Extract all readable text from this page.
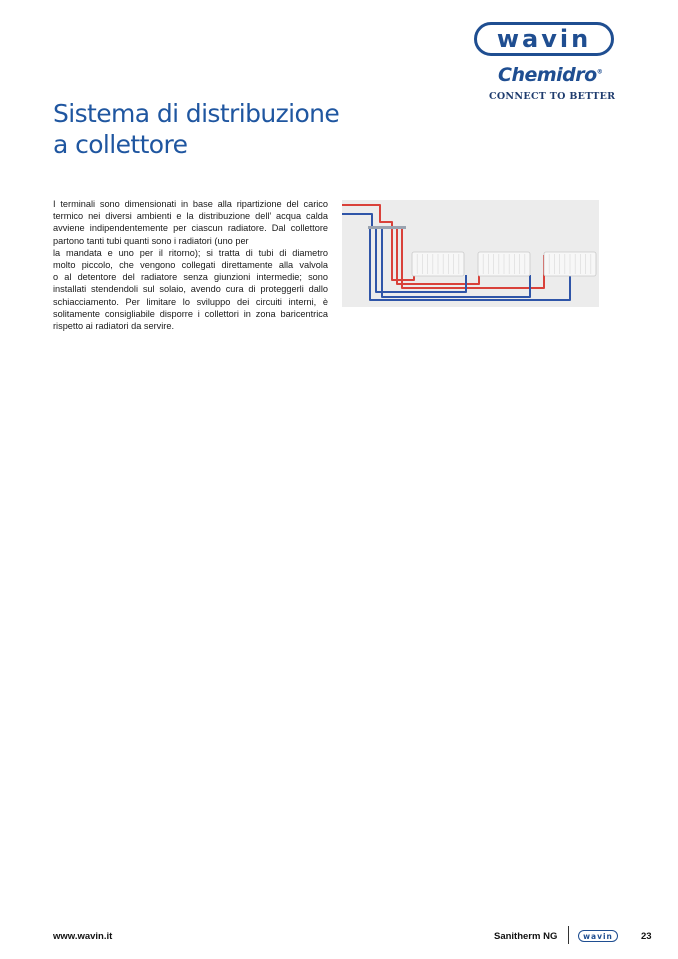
wavin
Chemidro®
CONNECT TO BETTER
Sistema di distribuzione
a collettore
I terminali sono dimensionati in base alla ripartizione del carico
termico nei diversi ambienti e la distribuzione dell’ acqua calda
avviene indipendentemente per ciascun radiatore. Dal collettore
partono tanti tubi quanti sono i radiatori (uno per
la mandata e uno per il ritorno); si tratta di tubi di diametro
molto piccolo, che vengono collegati direttamente alla valvola
o al detentore del radiatore senza giunzioni intermedie; sono
installati stendendoli sul solaio, avendo cura di proteggerli dallo
schiacciamento. Per limitare lo sviluppo dei circuiti interni, è
solitamente consigliabile disporre i collettori in zona baricentrica
rispetto ai radiatori da servire.
www.wavin.it	Sanitherm NG	wavin	23
